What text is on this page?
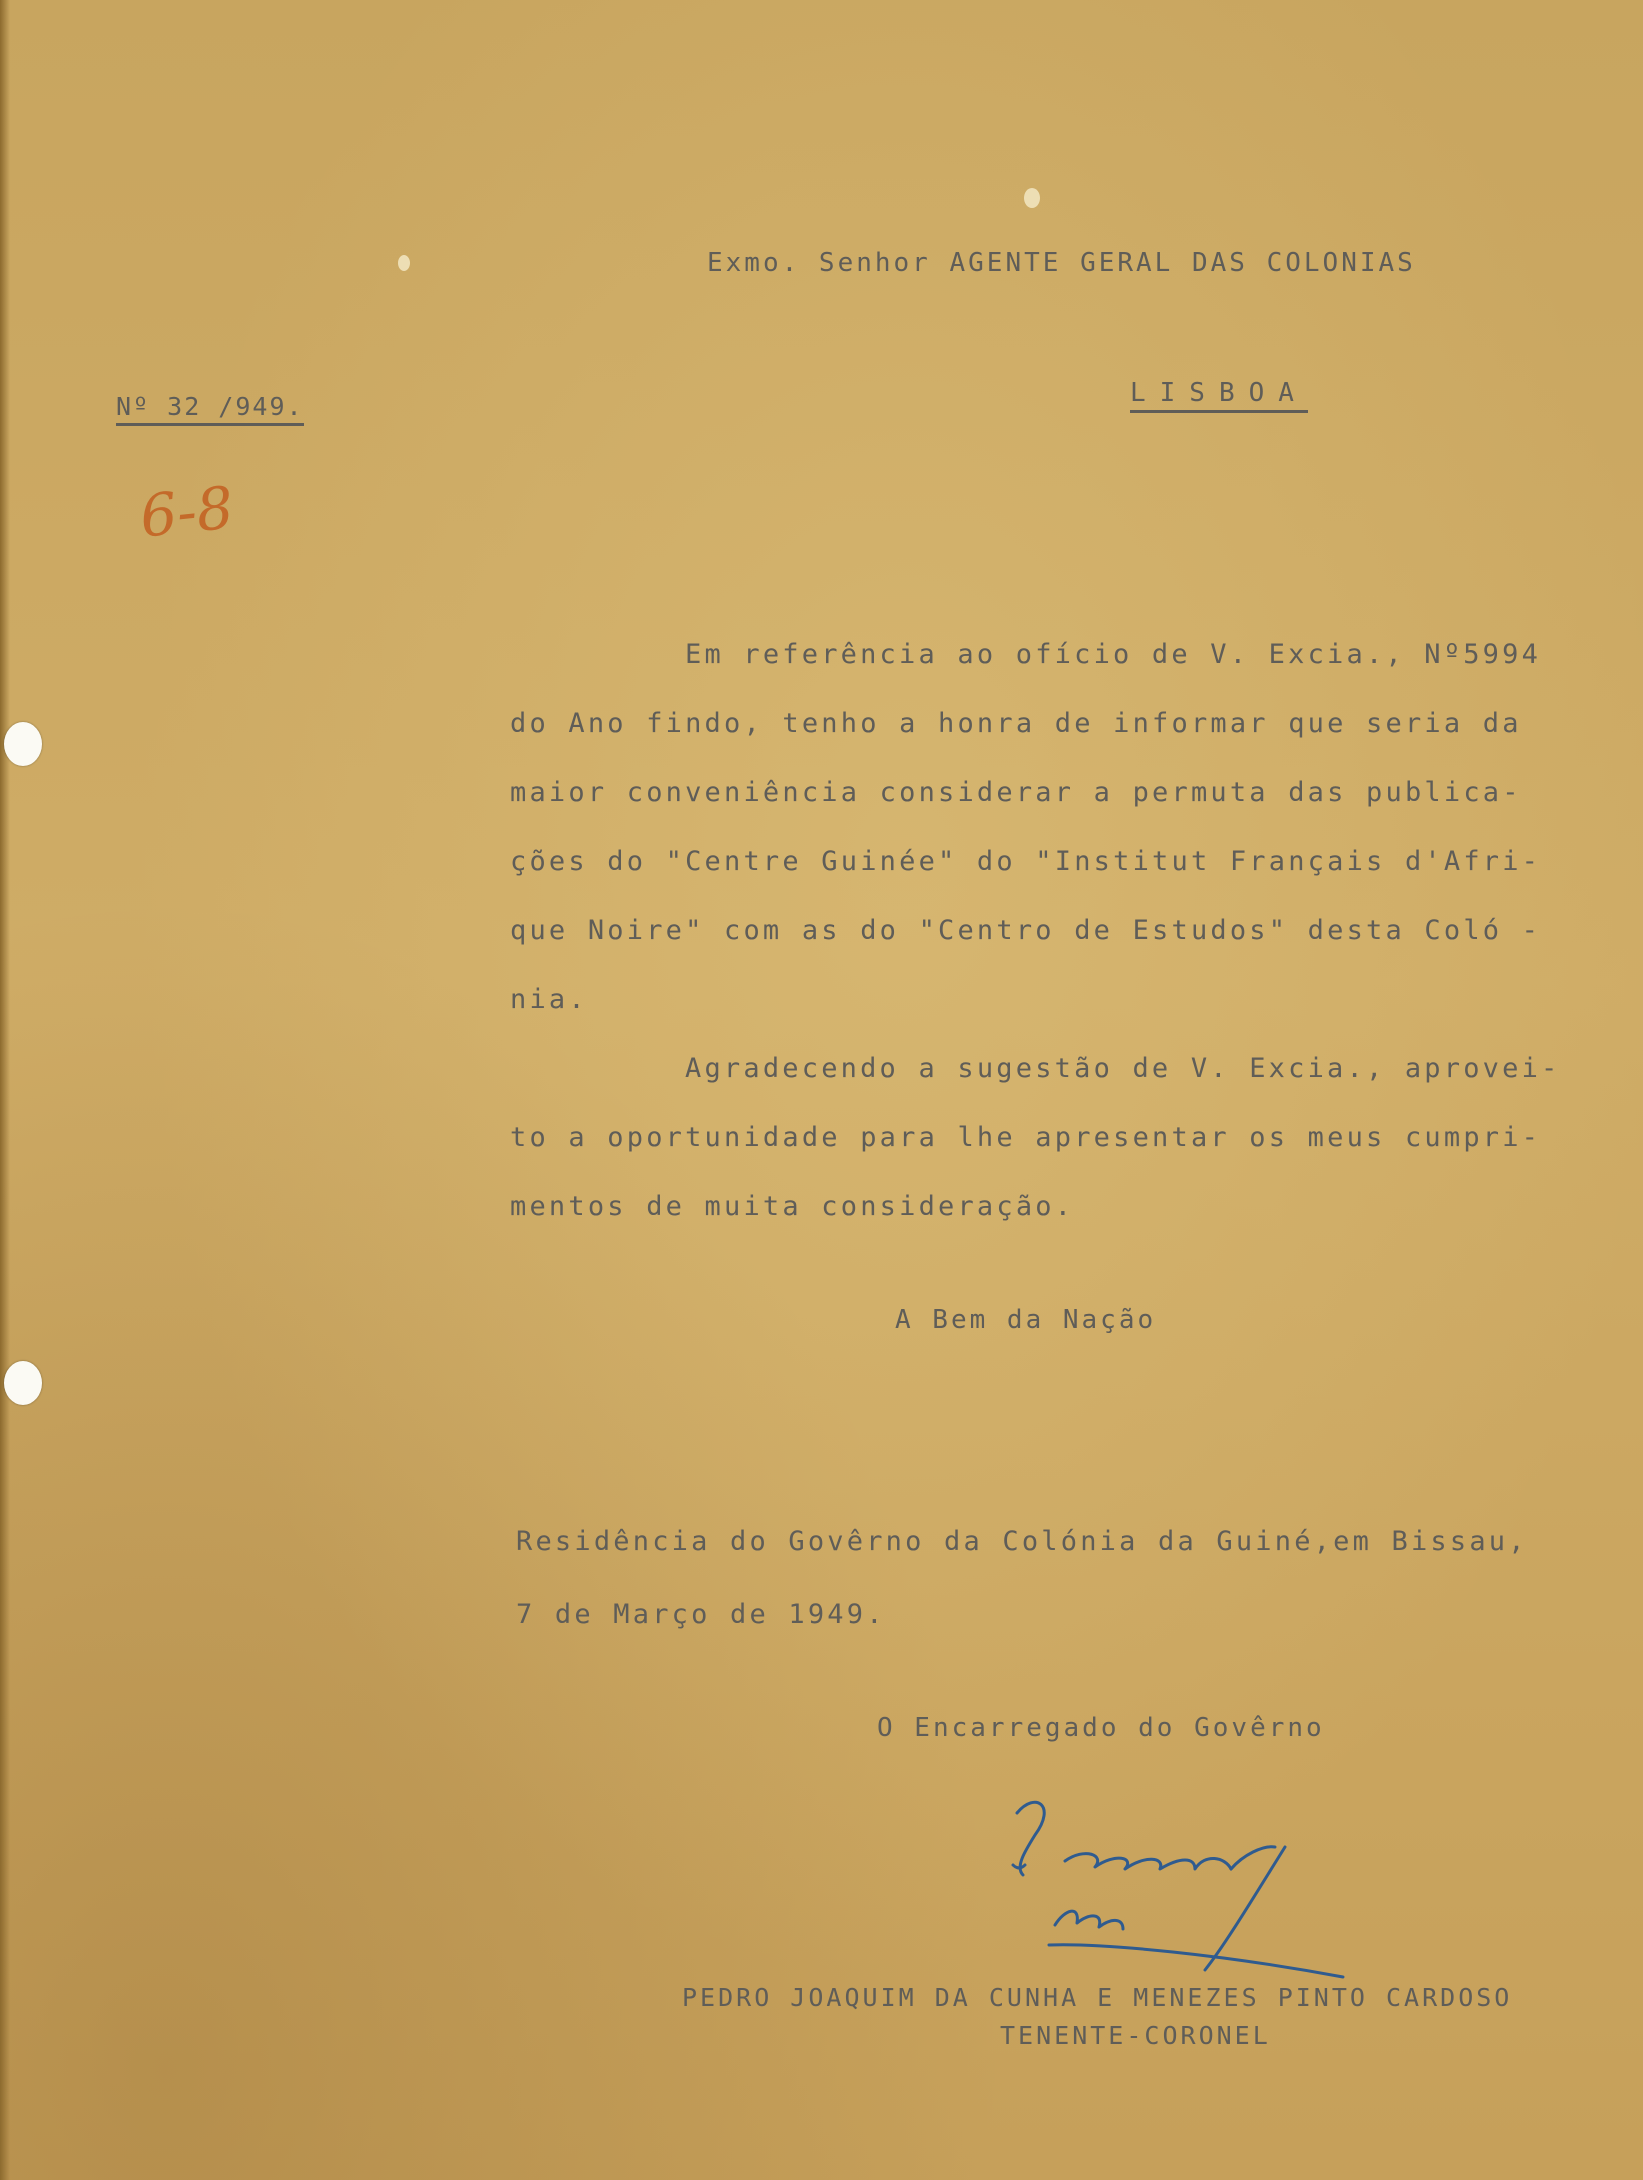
Exmo. Senhor AGENTE GERAL DAS COLONIAS
LISBOA
Nº 32 /949.
6-8
Em referência ao ofício de V. Excia., Nº5994
do Ano findo, tenho a honra de informar que seria da
maior conveniência considerar a permuta das publica-
ções do "Centre Guinée" do "Institut Français d'Afri-
que Noire" com as do "Centro de Estudos" desta Coló -
nia.
Agradecendo a sugestão de V. Excia., aprovei-
to a oportunidade para lhe apresentar os meus cumpri-
mentos de muita consideração.
A Bem da Nação
Residência do Govêrno da Colónia da Guiné,em Bissau,
7 de Março de 1949.
O Encarregado do Govêrno
PEDRO JOAQUIM DA CUNHA E MENEZES PINTO CARDOSO
TENENTE-CORONEL
